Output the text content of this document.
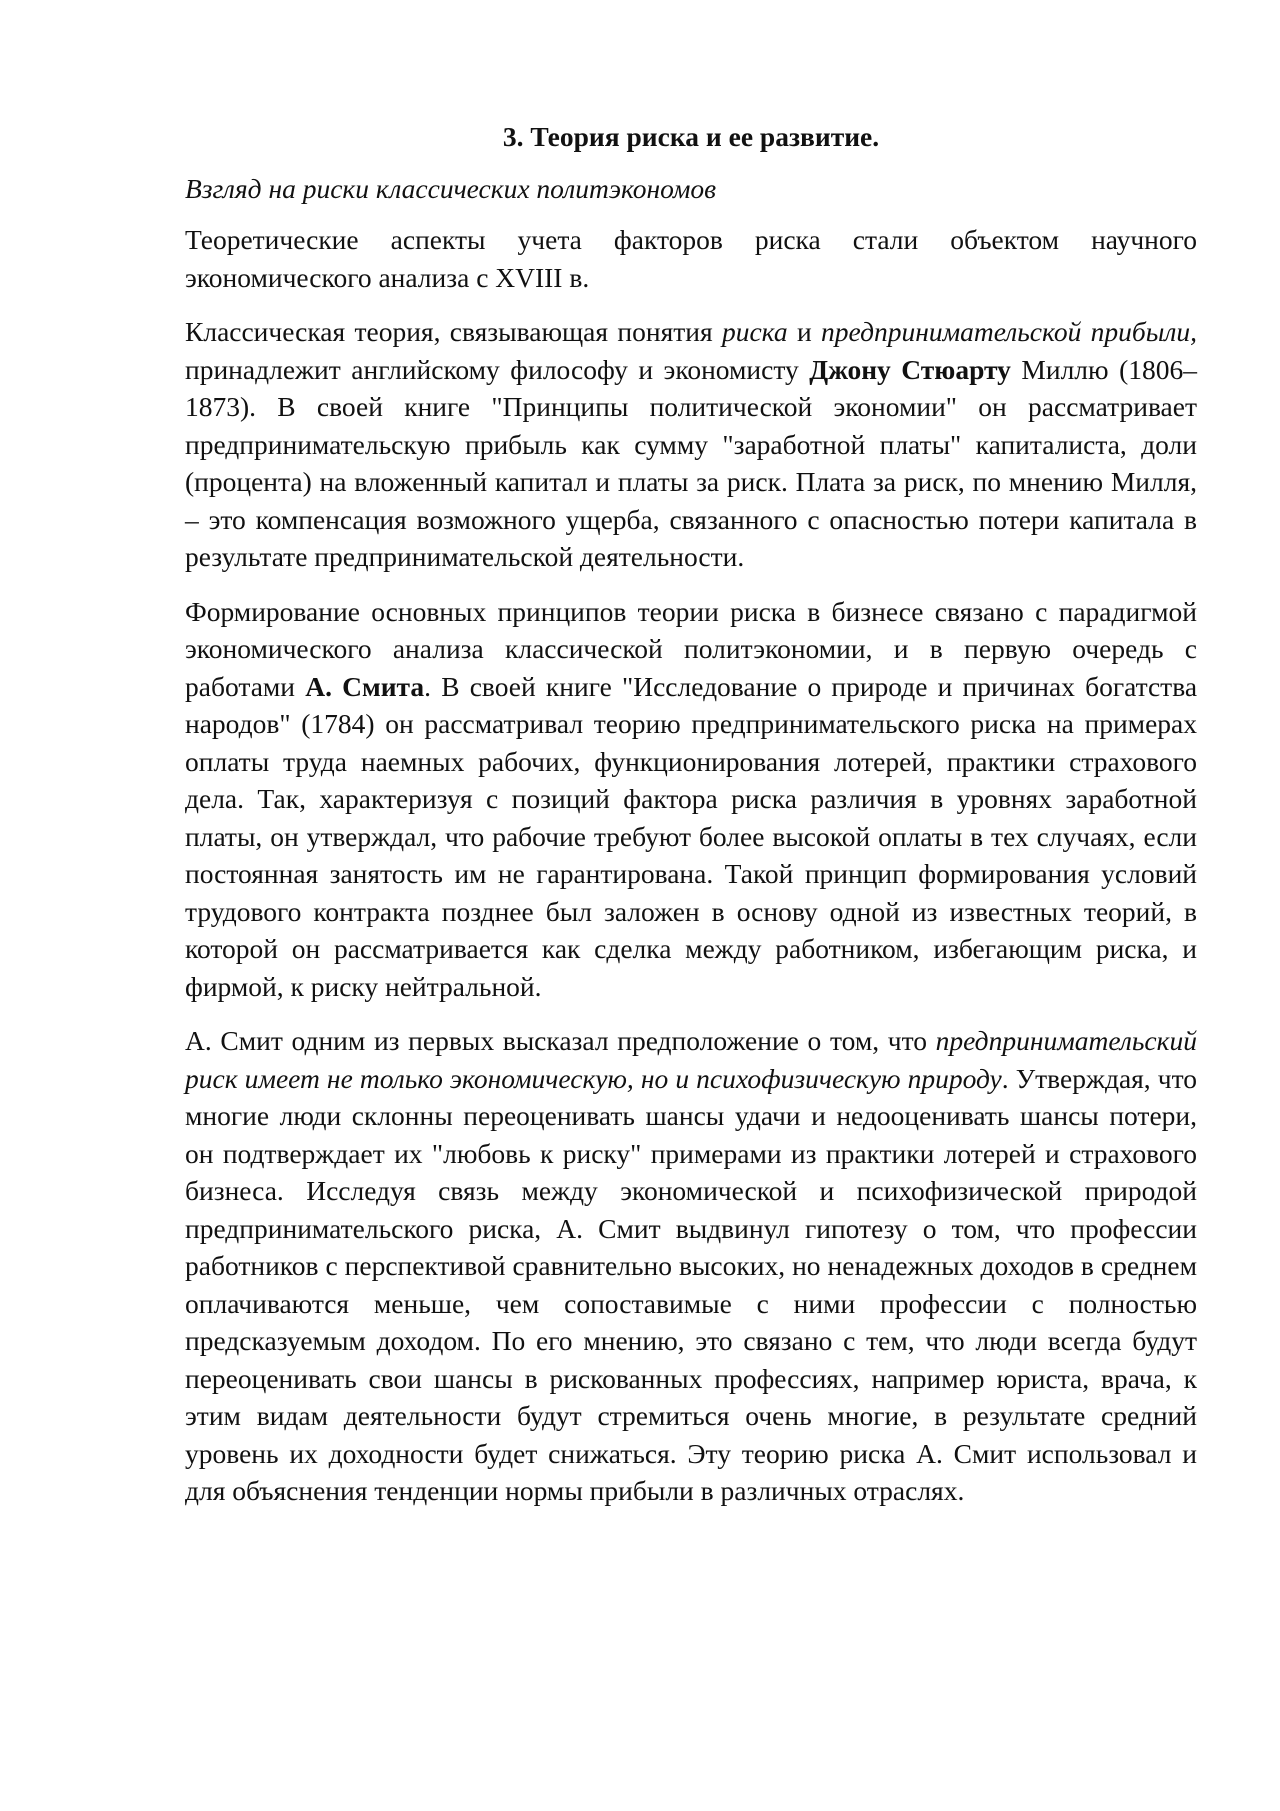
3. Теория риска и ее развитие.

Взгляд на риски классических политэкономов

Теоретические аспекты учета факторов риска стали объектом научного экономического анализа с XVIII в.

Классическая теория, связывающая понятия риска и предпринимательской прибыли, принадлежит английскому философу и экономисту Джону Стюарту Миллю (1806–1873). В своей книге "Принципы политической экономии" он рассматривает предпринимательскую прибыль как сумму "заработной платы" капиталиста, доли (процента) на вложенный капитал и платы за риск. Плата за риск, по мнению Милля, – это компенсация возможного ущерба, связанного с опасностью потери капитала в результате предпринимательской деятельности.

Формирование основных принципов теории риска в бизнесе связано с парадигмой экономического анализа классической политэкономии, и в первую очередь с работами А. Смита. В своей книге "Исследование о природе и причинах богатства народов" (1784) он рассматривал теорию предпринимательского риска на примерах оплаты труда наемных рабочих, функционирования лотерей, практики страхового дела. Так, характеризуя с позиций фактора риска различия в уровнях заработной платы, он утверждал, что рабочие требуют более высокой оплаты в тех случаях, если постоянная занятость им не гарантирована. Такой принцип формирования условий трудового контракта позднее был заложен в основу одной из известных теорий, в которой он рассматривается как сделка между работником, избегающим риска, и фирмой, к риску нейтральной.

А. Смит одним из первых высказал предположение о том, что предпринимательский риск имеет не только экономическую, но и психофизическую природу. Утверждая, что многие люди склонны переоценивать шансы удачи и недооценивать шансы потери, он подтверждает их "любовь к риску" примерами из практики лотерей и страхового бизнеса. Исследуя связь между экономической и психофизической природой предпринимательского риска, А. Смит выдвинул гипотезу о том, что профессии работников с перспективой сравнительно высоких, но ненадежных доходов в среднем оплачиваются меньше, чем сопоставимые с ними профессии с полностью предсказуемым доходом. По его мнению, это связано с тем, что люди всегда будут переоценивать свои шансы в рискованных профессиях, например юриста, врача, к этим видам деятельности будут стремиться очень многие, в результате средний уровень их доходности будет снижаться. Эту теорию риска А. Смит использовал и для объяснения тенденции нормы прибыли в различных отраслях.
